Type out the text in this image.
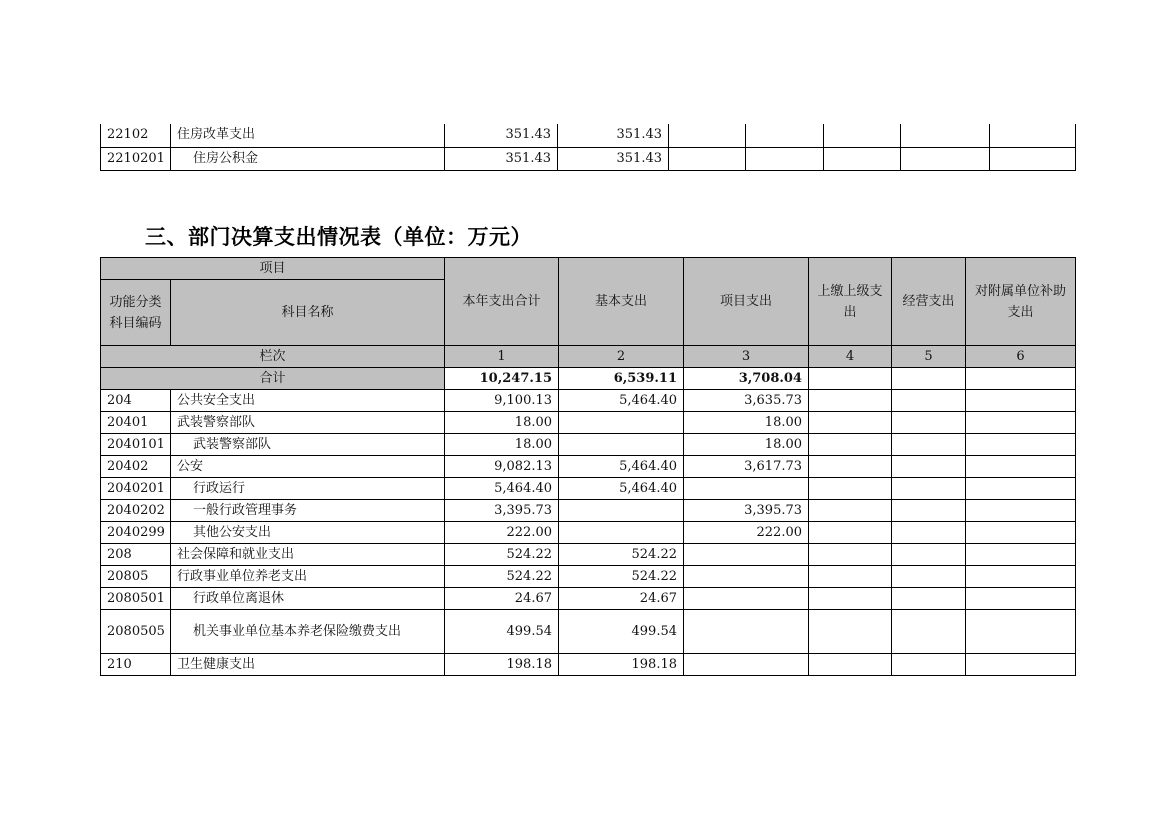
22102	住房改革支出	351.43	351.43					
2210201	住房公积金	351.43	351.43					
三、部门决算支出情况表（单位：万元）
项目		本年支出合计	基本支出	项目支出	上缴上级支出	经营支出	对附属单位补助支出
功能分类科目编码	科目名称						
栏次		1	2	3	4	5	6
合计		10,247.15	6,539.11	3,708.04			
204	公共安全支出	9,100.13	5,464.40	3,635.73			
20401	武装警察部队	18.00		18.00			
2040101	武装警察部队	18.00		18.00			
20402	公安	9,082.13	5,464.40	3,617.73			
2040201	行政运行	5,464.40	5,464.40				
2040202	一般行政管理事务	3,395.73		3,395.73			
2040299	其他公安支出	222.00		222.00			
208	社会保障和就业支出	524.22	524.22				
20805	行政事业单位养老支出	524.22	524.22				
2080501	行政单位离退休	24.67	24.67				
2080505	机关事业单位基本养老保险缴费支出	499.54	499.54				
210	卫生健康支出	198.18	198.18				
